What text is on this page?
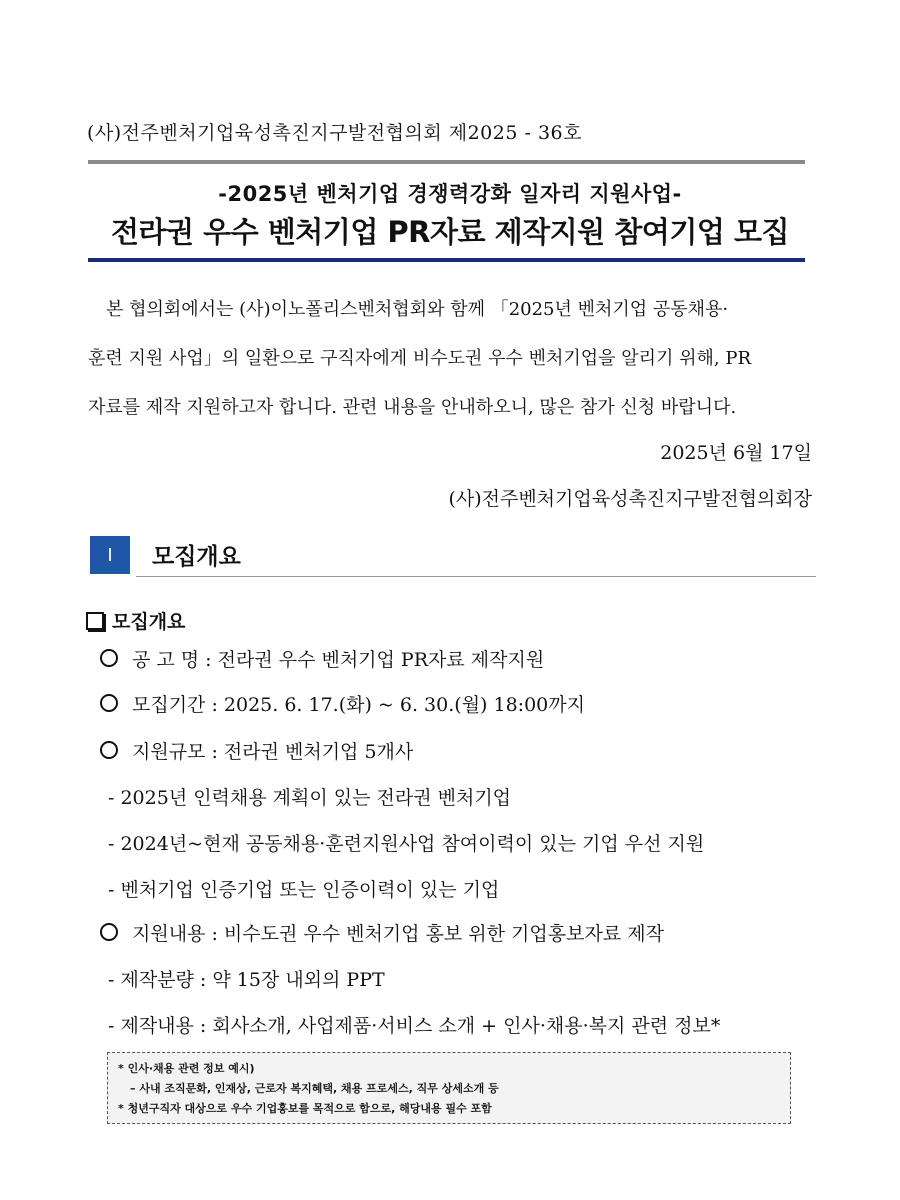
(사)전주벤처기업육성촉진지구발전협의회 제2025 - 36호
-2025년 벤처기업 경쟁력강화 일자리 지원사업-
전라권 우수 벤처기업 PR자료 제작지원 참여기업 모집

본 협의회에서는 (사)이노폴리스벤처협회와 함께 「2025년 벤처기업 공동채용·

훈련 지원 사업」의 일환으로 구직자에게 비수도권 우수 벤처기업을 알리기 위해, PR

자료를 제작 지원하고자 합니다. 관련 내용을 안내하오니, 많은 참가 신청 바랍니다.

2025년 6월 17일
(사)전주벤처기업육성촉진지구발전협의회장
Ⅰ	모집개요
모집개요
공 고 명 : 전라권 우수 벤처기업 PR자료 제작지원
모집기간 : 2025. 6. 17.(화) ~ 6. 30.(월) 18:00까지
지원규모 : 전라권 벤처기업 5개사
- 2025년 인력채용 계획이 있는 전라권 벤처기업
- 2024년~현재 공동채용·훈련지원사업 참여이력이 있는 기업 우선 지원
- 벤처기업 인증기업 또는 인증이력이 있는 기업
지원내용 : 비수도권 우수 벤처기업 홍보 위한 기업홍보자료 제작
- 제작분량 : 약 15장 내외의 PPT
- 제작내용 : 회사소개, 사업제품·서비스 소개 + 인사·채용·복지 관련 정보*
* 인사·채용 관련 정보 예시)
– 사내 조직문화, 인재상, 근로자 복지혜택, 채용 프로세스, 직무 상세소개 등
* 청년구직자 대상으로 우수 기업홍보를 목적으로 함으로, 해당내용 필수 포함
